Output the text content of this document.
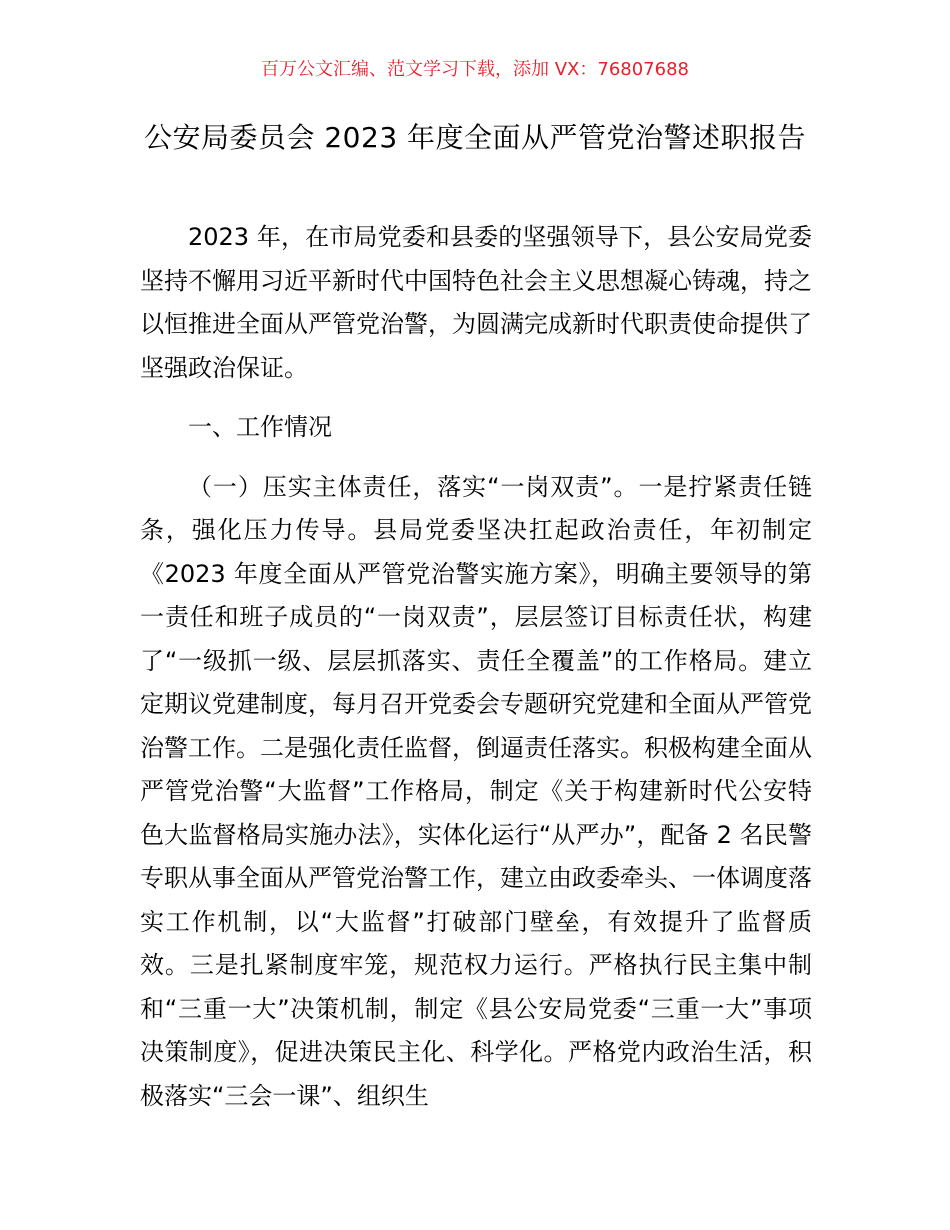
百万公文汇编、范文学习下载，添加 VX：76807688
公安局委员会 2023 年度全面从严管党治警述职报告

2023 年，在市局党委和县委的坚强领导下，县公安局党委坚持不懈用习近平新时代中国特色社会主义思想凝心铸魂，持之以恒推进全面从严管党治警，为圆满完成新时代职责使命提供了坚强政治保证。

一、工作情况

（一）压实主体责任，落实“一岗双责”。一是拧紧责任链条，强化压力传导。县局党委坚决扛起政治责任，年初制定《2023 年度全面从严管党治警实施方案》，明确主要领导的第一责任和班子成员的“一岗双责”，层层签订目标责任状，构建了“一级抓一级、层层抓落实、责任全覆盖”的工作格局。建立定期议党建制度，每月召开党委会专题研究党建和全面从严管党治警工作。二是强化责任监督，倒逼责任落实。积极构建全面从严管党治警“大监督”工作格局，制定《关于构建新时代公安特色大监督格局实施办法》，实体化运行“从严办”，配备 2 名民警专职从事全面从严管党治警工作，建立由政委牵头、一体调度落实工作机制，以“大监督”打破部门壁垒，有效提升了监督质效。三是扎紧制度牢笼，规范权力运行。严格执行民主集中制和“三重一大”决策机制，制定《县公安局党委“三重一大”事项决策制度》，促进决策民主化、科学化。严格党内政治生活，积极落实“三会一课”、组织生
